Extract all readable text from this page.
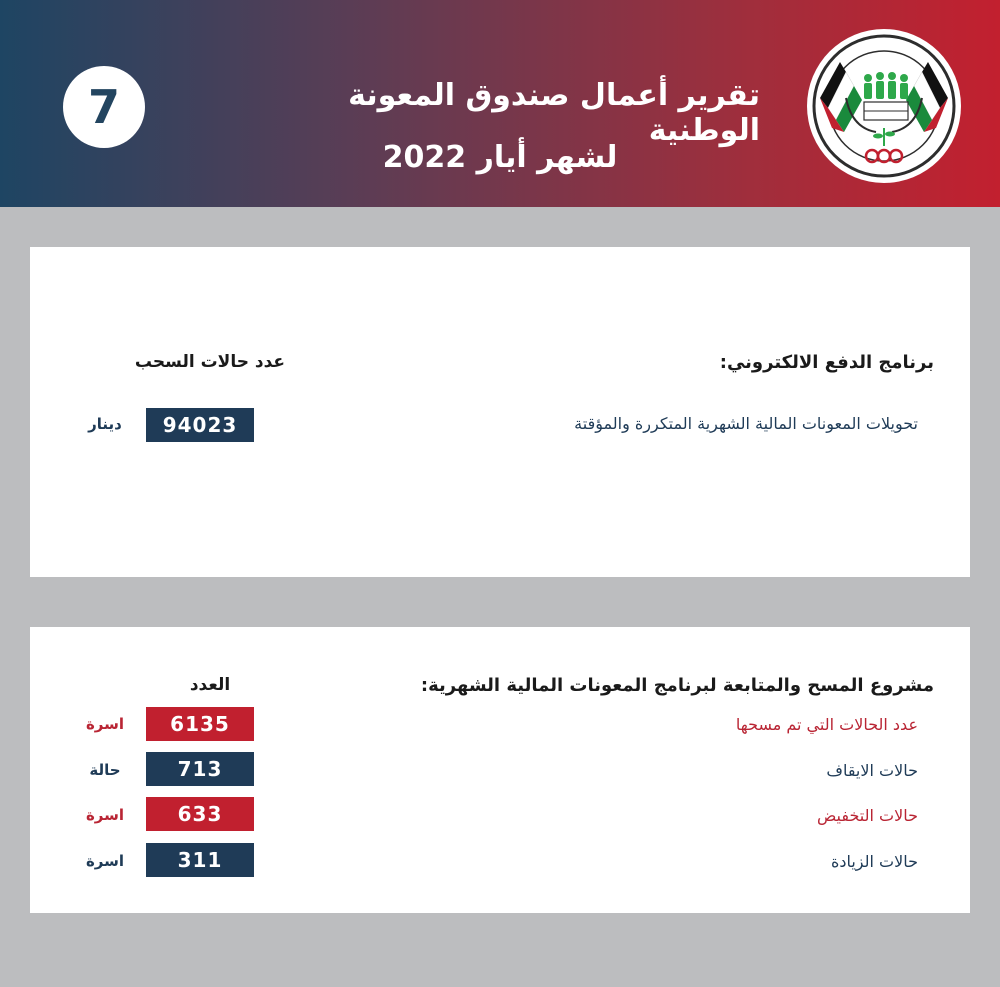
7	تقرير أعمال صندوق المعونة الوطنية
لشهر أيار 2022
برنامج الدفع الالكتروني:
عدد حالات السحب
تحويلات المعونات المالية الشهرية المتكررة والمؤقتة
94023
دينار
مشروع المسح والمتابعة لبرنامج المعونات المالية الشهرية:
العدد
عدد الحالات التي تم مسحها
6135
اسرة
حالات الايقاف
713
حالة
حالات التخفيض
633
اسرة
حالات الزيادة
311
اسرة
